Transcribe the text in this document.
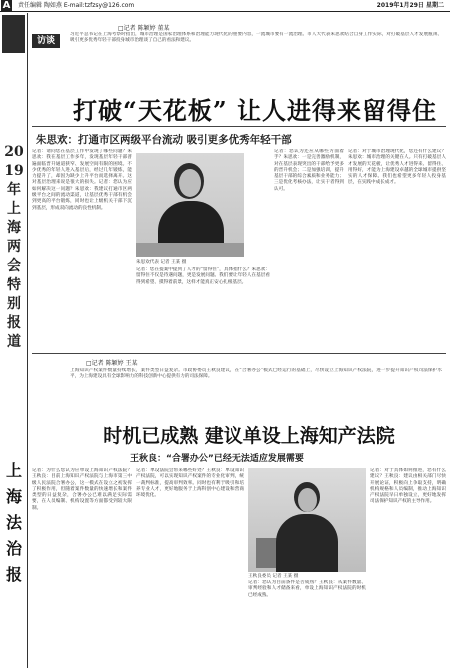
A 责任编辑 陶如燕 E-mail:tzfzsy@126.com	2019年1月29日 星期二
2019年上海两会特别报道
上海法治报
访谈
□记者 陈颖婷 董某
习近平总书记在上海考察时指出，城市治理是国家治理体系和治理能力现代化的重要内容，一流城市要有一流治理。市人大代表朱思欢结合自身工作实际，对打破基层人才发展瓶颈、吸引更多优秀年轻干部投身城市治理谈了自己的看法和建议。
打破“天花板” 让人进得来留得住
朱思欢：打通市区两级平台流动 吸引更多优秀年轻干部
记者：请问您在基层工作中发现了哪些问题？朱思欢：我在基层工作多年，发现基层年轻干部普遍面临晋升通道狭窄、发展空间有限的困境。不少优秀的年轻人进入基层后，经过几年锻炼，能力提升了，却因为缺少上升平台而选择离开。这对基层治理来说是很大的损失。记者：您认为应如何解决这一问题？朱思欢：我建议打通市区两级平台之间的流动渠道，让基层优秀干部有机会到更高的平台锻炼，同时也让上级机关干部下沉到基层，形成双向流动的良性机制。
朱思欢代表 记者 王某 摄
记者：您在提案中提到了人才的“留得住”，具体指什么？朱思欢：留得住不仅是待遇问题，更是发展问题。我们要让年轻人在基层看得到希望、摸得着前景，这样才能真正安心扎根基层。
记者：您认为还应从哪些方面着手？朱思欢：一是完善激励机制，对在基层表现突出的干部给予更多的晋升机会；二是加强培训，提升基层干部的综合素质和业务能力；三是优化考核办法，让实干者得到认可。
记者：对于城市治理现代化，您还有什么建议？朱思欢：城市治理的关键在人。只有打破基层人才发展的天花板，让优秀人才进得来、留得住、用得好，才能为上海建设卓越的全球城市提供坚实的人才保障。我们也希望更多年轻人投身基层，在实践中成长成才。
□记者 陈颖婷 王某
上海知识产权案件数量持续增长，案件类型日益复杂。市政协委员王秋良建议，在“合署办公”模式已经运行的基础上，尽快设立上海知识产权法院，进一步提升知识产权司法保护水平，为上海建设具有全球影响力的科技创新中心提供有力的司法保障。
时机已成熟 建议单设上海知产法院
王秋良：“合署办公”已经无法适应发展需要
记者：为什么您认为应单设上海知识产权法院？王秋良：目前上海知识产权法院与上海市第三中级人民法院合署办公，这一模式在设立之初发挥了积极作用，但随着案件数量的快速增长和案件类型的日益复杂，合署办公已难以满足实际需要，在人员编制、机构设置等方面都受到较大限制。
记者：单设法院会带来哪些好处？王秋良：单设知识产权法院，可以实现知识产权案件的专业化审判，统一裁判标准，提高审判效率。同时也有利于吸引和培养专业人才，更好地服务于上海科创中心建设和营商环境优化。
王秋良委员 记者 王某 摄
记者：您认为目前条件是否成熟？王秋良：从案件数量、审判经验和人才储备来看，单设上海知识产权法院的时机已经成熟。
记者：对于具体如何推进，您有什么建议？王秋良：建议由相关部门尽快开展论证，积极向上争取支持，明确机构规格和人员编制，推动上海知识产权法院早日单独设立，更好地发挥司法保护知识产权的主导作用。
